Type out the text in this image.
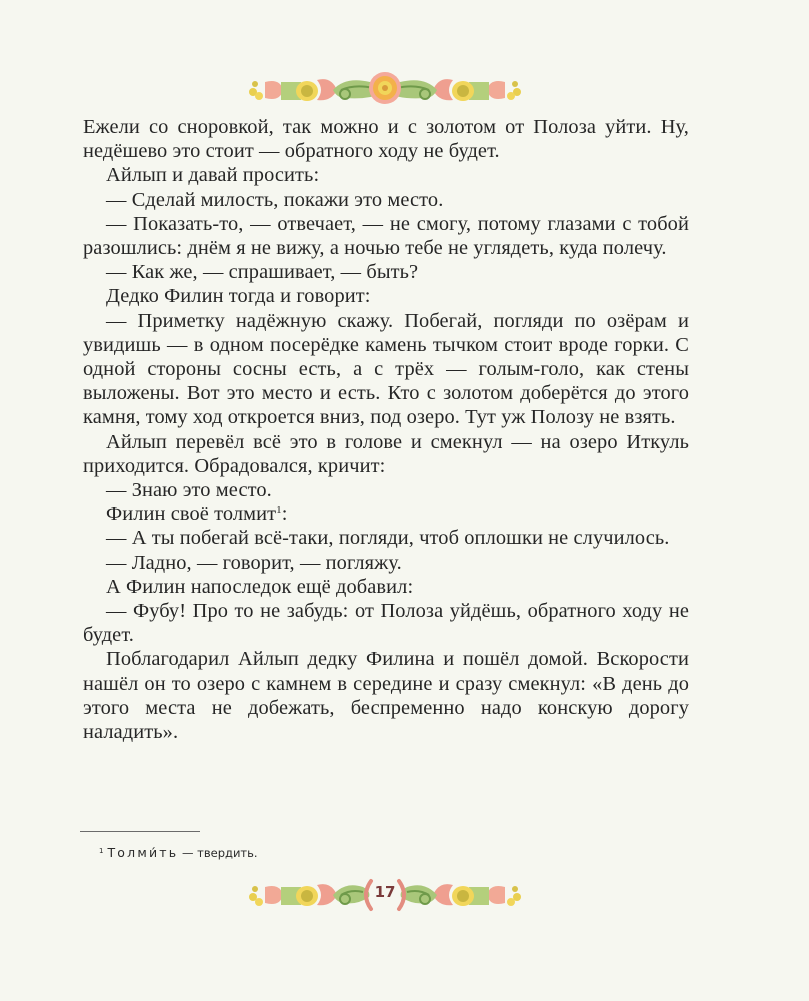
Ежели со сноровкой, так можно и с золотом от Полоза уйти. Ну, недёшево это стоит — обратного ходу не будет.

Айлып и давай просить:

— Сделай милость, покажи это место.

— Показать-то, — отвечает, — не смогу, потому глазами с тобой разошлись: днём я не вижу, а ночью тебе не углядеть, куда полечу.

— Как же, — спрашивает, — быть?

Дедко Филин тогда и говорит:

— Приметку надёжную скажу. Побегай, погляди по озёрам и увидишь — в одном посерёдке камень тычком стоит вроде горки. С одной стороны сосны есть, а с трёх — голым-голо, как стены выложены. Вот это место и есть. Кто с золотом доберётся до этого камня, тому ход откроется вниз, под озеро. Тут уж Полозу не взять.

Айлып перевёл всё это в голове и смекнул — на озеро Иткуль приходится. Обрадовался, кричит:

— Знаю это место.

Филин своё толмит$^1$:

— А ты побегай всё-таки, погляди, чтоб оплошки не случилось.

— Ладно, — говорит, — погляжу.

А Филин напоследок ещё добавил:

— Фубу! Про то не забудь: от Полоза уйдёшь, обратного ходу не будет.

Поблагодарил Айлып дедку Филина и пошёл домой. Вскорости нашёл он то озеро с камнем в середине и сразу смекнул: «В день до этого места не добежать, беспременно надо конскую дорогу наладить».

$^1$ Толми́ть — твердить.
17
